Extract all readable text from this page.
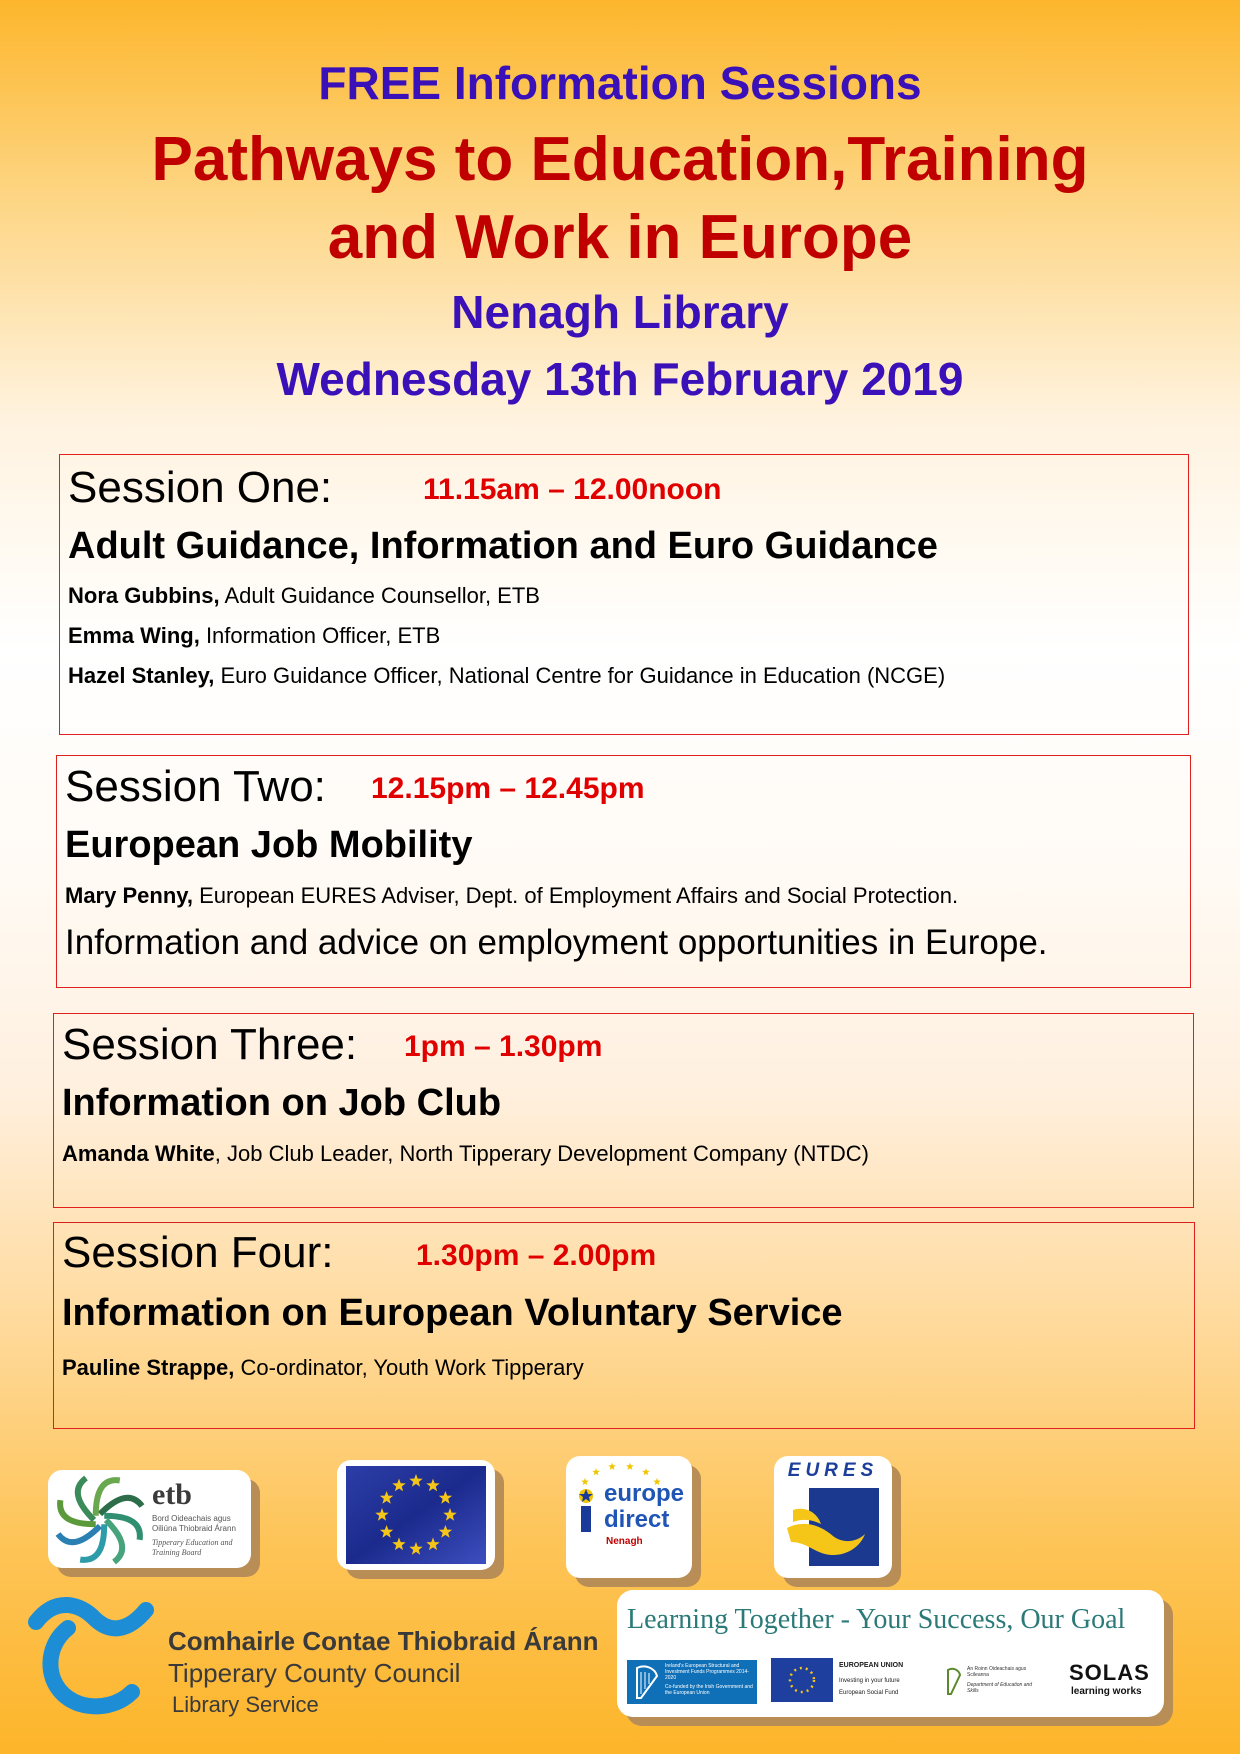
FREE Information Sessions
Pathways to Education,Training
and Work in Europe
Nenagh Library
Wednesday 13th February 2019
Session One:	11.15am – 12.00noon
Adult Guidance, Information and Euro Guidance
Nora Gubbins, Adult Guidance Counsellor, ETB
Emma Wing, Information Officer, ETB
Hazel Stanley, Euro Guidance Officer, National Centre for Guidance in Education (NCGE)
Session Two: 12.15pm – 12.45pm
European Job Mobility
Mary Penny, European EURES Adviser, Dept. of Employment Affairs and Social Protection.
Information and advice on employment opportunities in Europe.
Session Three: 1pm – 1.30pm
Information on Job Club
Amanda White, Job Club Leader, North Tipperary Development Company (NTDC)
Session Four:	1.30pm – 2.00pm
Information on European Voluntary Service
Pauline Strappe, Co-ordinator, Youth Work Tipperary
etb
Bord Oideachais agus Oiliúna Thiobraid Árann
Tipperary Education and Training Board
europe
direct
Nenagh
EURES
Comhairle Contae Thiobraid Árann
Tipperary County Council
Library Service
Learning Together - Your Success, Our Goal
Ireland's European Structural and Investment Funds Programmes 2014-2020
Co-funded by the Irish Government and the European Union
EUROPEAN UNION
Investing in your future
European Social Fund
An Roinn Oideachais agus Scileanna
Department of Education and Skills
SOLAS
learning works
